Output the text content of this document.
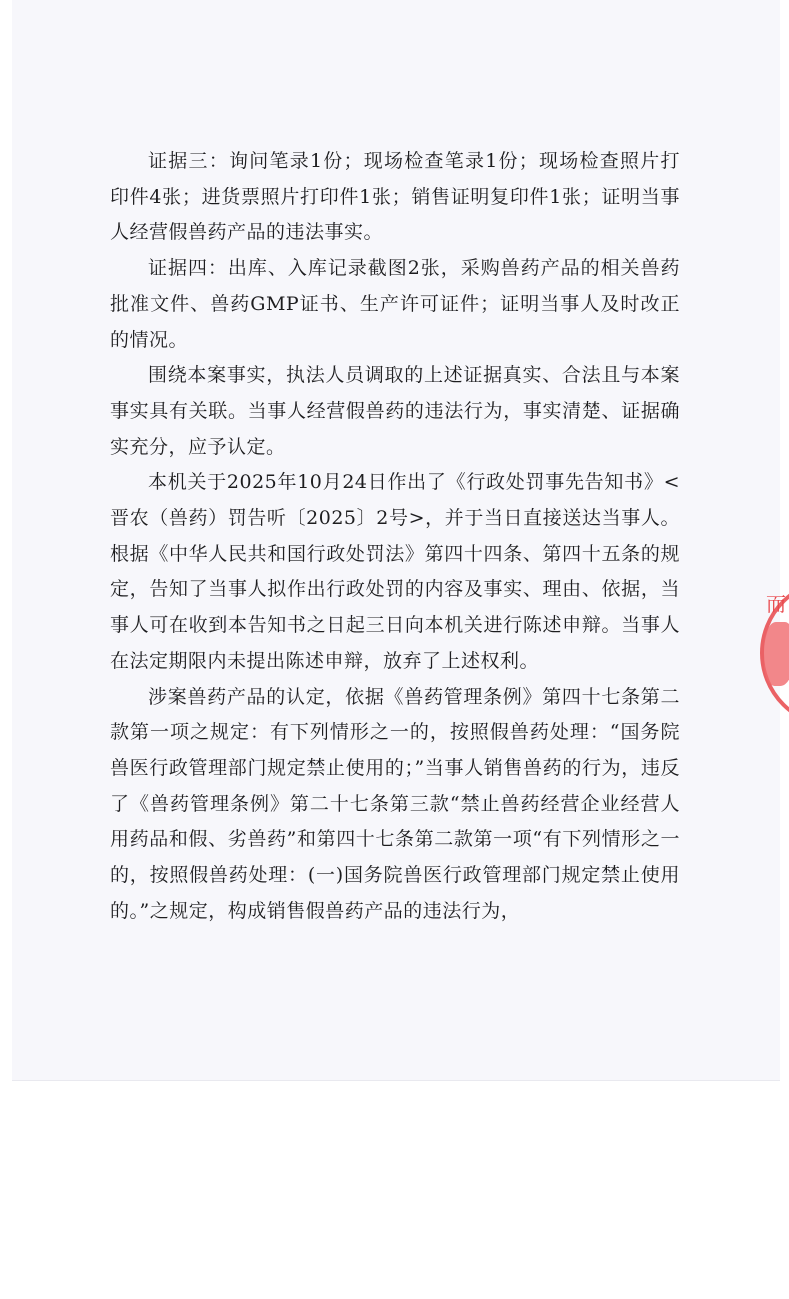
证据三：询问笔录1份；现场检查笔录1份；现场检查照片打印件4张；进货票照片打印件1张；销售证明复印件1张；证明当事人经营假兽药产品的违法事实。

证据四：出库、入库记录截图2张，采购兽药产品的相关兽药批准文件、兽药GMP证书、生产许可证件；证明当事人及时改正的情况。

围绕本案事实，执法人员调取的上述证据真实、合法且与本案事实具有关联。当事人经营假兽药的违法行为，事实清楚、证据确实充分，应予认定。

本机关于2025年10月24日作出了《行政处罚事先告知书》<晋农（兽药）罚告听〔2025〕2号>，并于当日直接送达当事人。根据《中华人民共和国行政处罚法》第四十四条、第四十五条的规定，告知了当事人拟作出行政处罚的内容及事实、理由、依据，当事人可在收到本告知书之日起三日向本机关进行陈述申辩。当事人在法定期限内未提出陈述申辩，放弃了上述权利。

涉案兽药产品的认定，依据《兽药管理条例》第四十七条第二款第一项之规定：有下列情形之一的，按照假兽药处理：“国务院兽医行政管理部门规定禁止使用的；”当事人销售兽药的行为，违反了《兽药管理条例》第二十七条第三款“禁止兽药经营企业经营人用药品和假、劣兽药”和第四十七条第二款第一项“有下列情形之一的，按照假兽药处理：(一)国务院兽医行政管理部门规定禁止使用的。”之规定，构成销售假兽药产品的违法行为，

而
